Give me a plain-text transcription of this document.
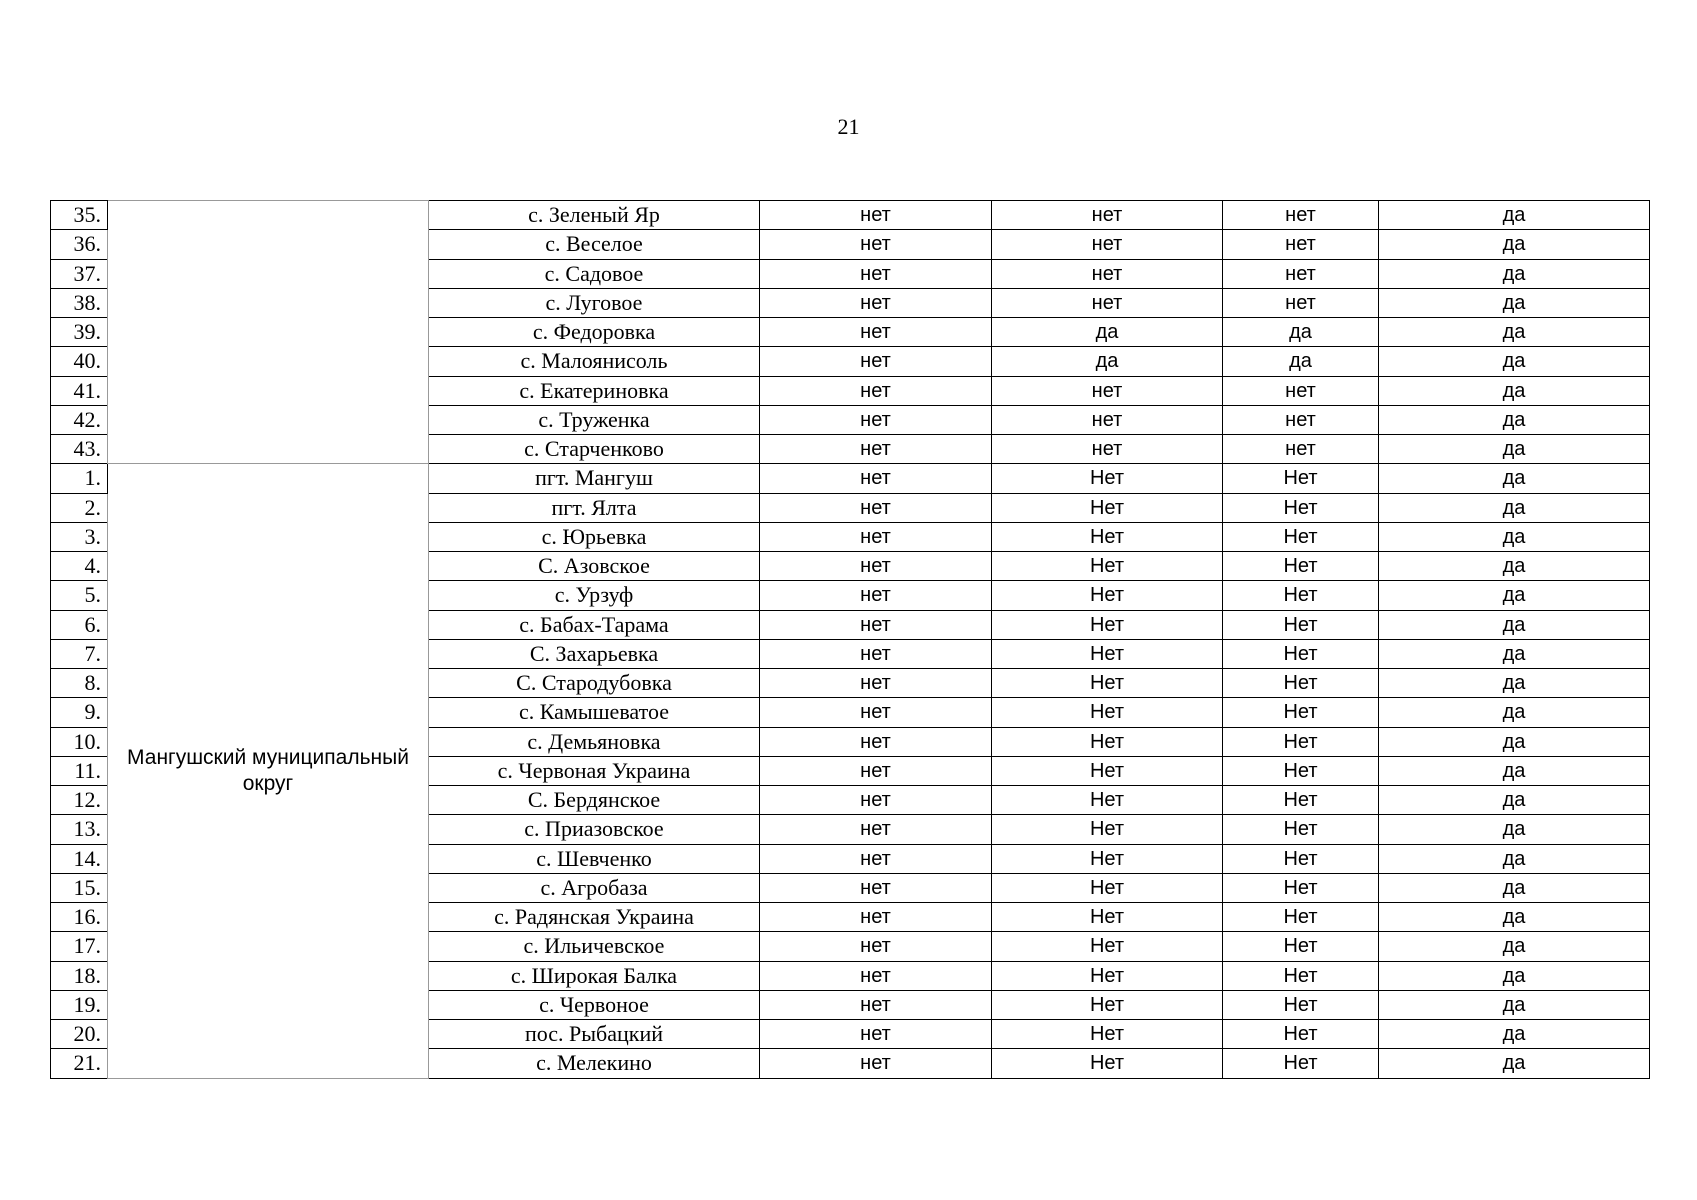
21
35.		с. Зеленый Яр	нет	нет	нет	да
36.		с. Веселое	нет	нет	нет	да
37.		с. Садовое	нет	нет	нет	да
38.		с. Луговое	нет	нет	нет	да
39.		с. Федоровка	нет	да	да	да
40.		с. Малоянисоль	нет	да	да	да
41.		с. Екатериновка	нет	нет	нет	да
42.		с. Труженка	нет	нет	нет	да
43.		с. Старченково	нет	нет	нет	да
1.	Мангушский муниципальный округ	пгт. Мангуш	нет	Нет	Нет	да
2.		пгт. Ялта	нет	Нет	Нет	да
3.		с. Юрьевка	нет	Нет	Нет	да
4.		С. Азовское	нет	Нет	Нет	да
5.		с. Урзуф	нет	Нет	Нет	да
6.		с. Бабах-Тарама	нет	Нет	Нет	да
7.		С. Захарьевка	нет	Нет	Нет	да
8.		С. Стародубовка	нет	Нет	Нет	да
9.		с. Камышеватое	нет	Нет	Нет	да
10.		с. Демьяновка	нет	Нет	Нет	да
11.		с. Червоная Украина	нет	Нет	Нет	да
12.		С. Бердянское	нет	Нет	Нет	да
13.		с. Приазовское	нет	Нет	Нет	да
14.		с. Шевченко	нет	Нет	Нет	да
15.		с. Агробаза	нет	Нет	Нет	да
16.		с. Радянская Украина	нет	Нет	Нет	да
17.		с. Ильичевское	нет	Нет	Нет	да
18.		с. Широкая Балка	нет	Нет	Нет	да
19.		с. Червоное	нет	Нет	Нет	да
20.		пос. Рыбацкий	нет	Нет	Нет	да
21.		с. Мелекино	нет	Нет	Нет	да
